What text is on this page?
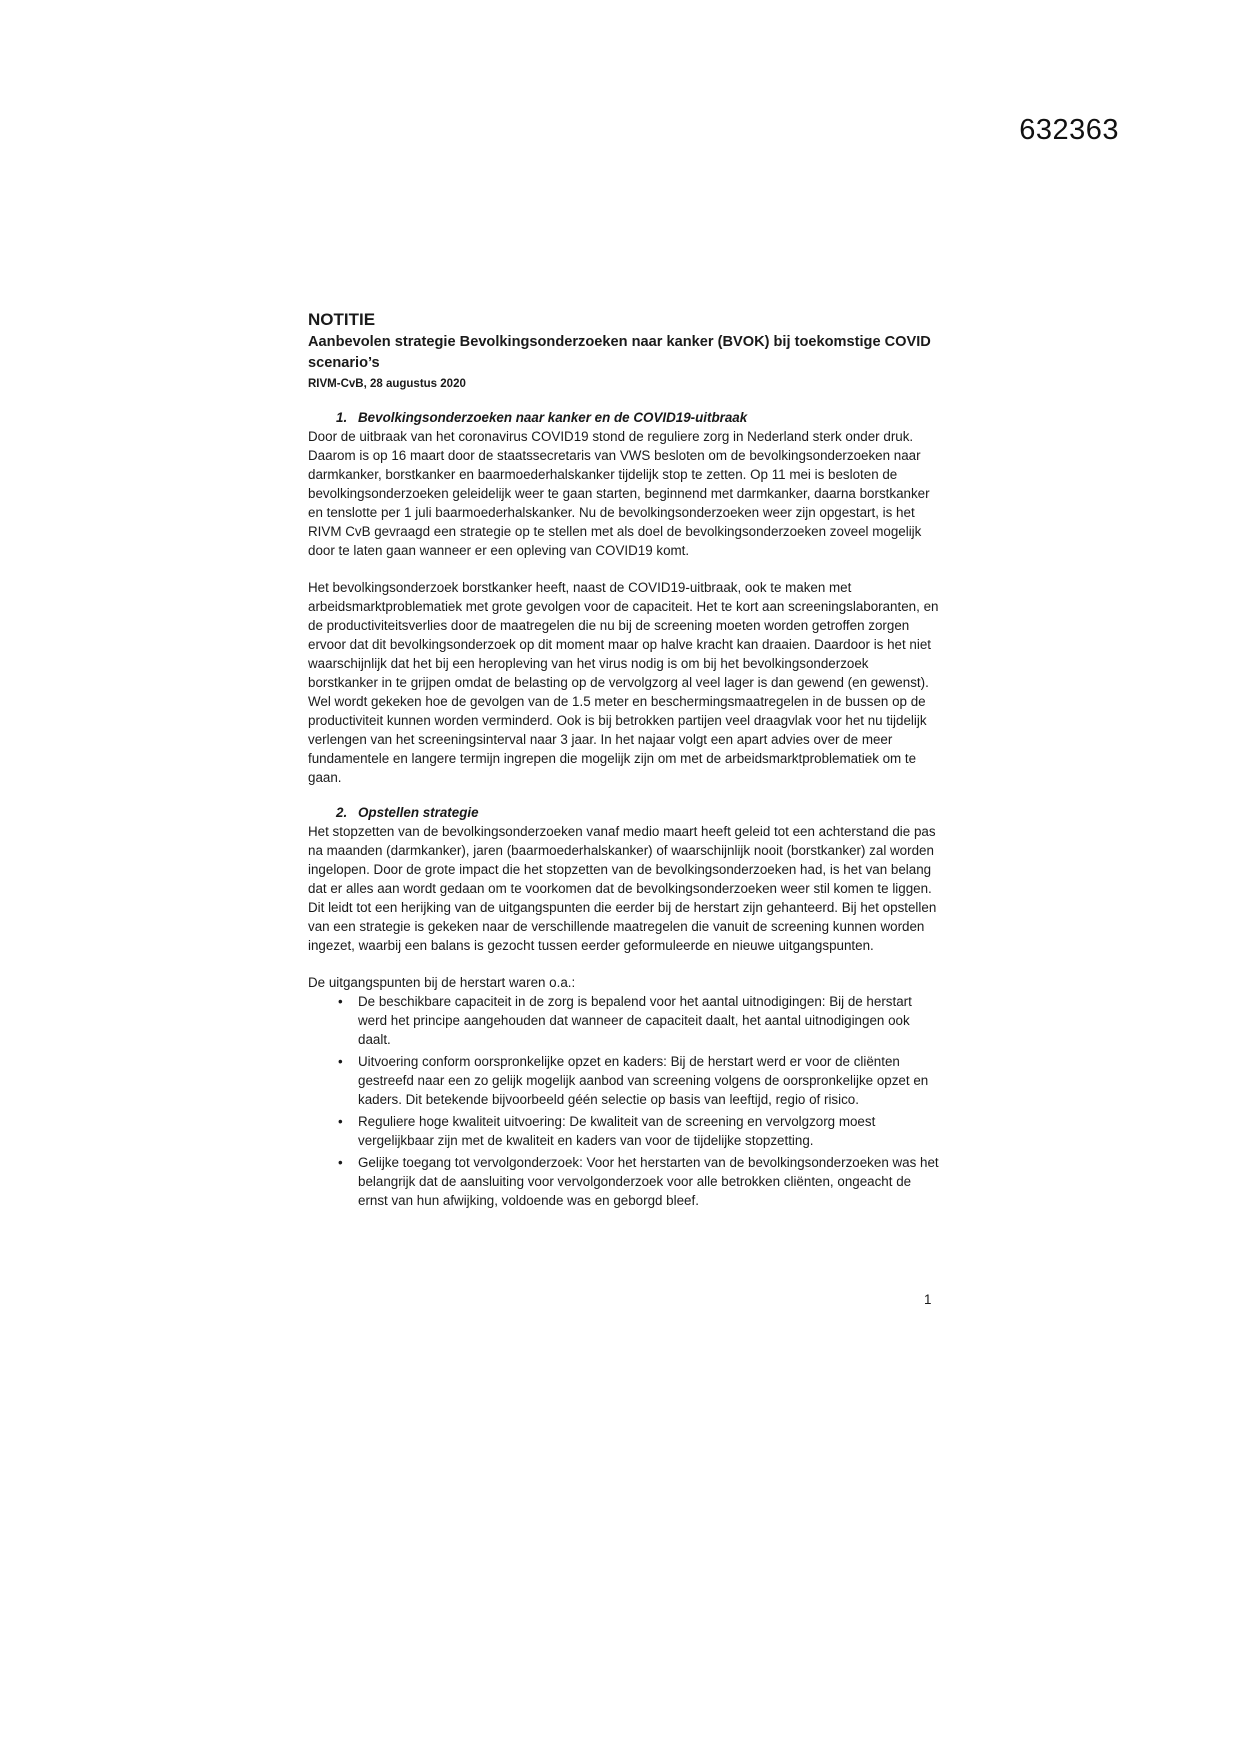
632363
NOTITIE
Aanbevolen strategie Bevolkingsonderzoeken naar kanker (BVOK) bij toekomstige COVID scenario’s
RIVM-CvB, 28 augustus 2020
1. Bevolkingsonderzoeken naar kanker en de COVID19-uitbraak

Door de uitbraak van het coronavirus COVID19 stond de reguliere zorg in Nederland sterk onder druk. Daarom is op 16 maart door de staatssecretaris van VWS besloten om de bevolkingsonderzoeken naar darmkanker, borstkanker en baarmoederhalskanker tijdelijk stop te zetten. Op 11 mei is besloten de bevolkingsonderzoeken geleidelijk weer te gaan starten, beginnend met darmkanker, daarna borstkanker en tenslotte per 1 juli baarmoederhalskanker. Nu de bevolkingsonderzoeken weer zijn opgestart, is het RIVM CvB gevraagd een strategie op te stellen met als doel de bevolkingsonderzoeken zoveel mogelijk door te laten gaan wanneer er een opleving van COVID19 komt.

Het bevolkingsonderzoek borstkanker heeft, naast de COVID19-uitbraak, ook te maken met arbeidsmarktproblematiek met grote gevolgen voor de capaciteit. Het te kort aan screeningslaboranten, en de productiviteitsverlies door de maatregelen die nu bij de screening moeten worden getroffen zorgen ervoor dat dit bevolkingsonderzoek op dit moment maar op halve kracht kan draaien. Daardoor is het niet waarschijnlijk dat het bij een heropleving van het virus nodig is om bij het bevolkingsonderzoek borstkanker in te grijpen omdat de belasting op de vervolgzorg al veel lager is dan gewend (en gewenst). Wel wordt gekeken hoe de gevolgen van de 1.5 meter en beschermingsmaatregelen in de bussen op de productiviteit kunnen worden verminderd. Ook is bij betrokken partijen veel draagvlak voor het nu tijdelijk verlengen van het screeningsinterval naar 3 jaar. In het najaar volgt een apart advies over de meer fundamentele en langere termijn ingrepen die mogelijk zijn om met de arbeidsmarktproblematiek om te gaan.

2. Opstellen strategie

Het stopzetten van de bevolkingsonderzoeken vanaf medio maart heeft geleid tot een achterstand die pas na maanden (darmkanker), jaren (baarmoederhalskanker) of waarschijnlijk nooit (borstkanker) zal worden ingelopen. Door de grote impact die het stopzetten van de bevolkingsonderzoeken had, is het van belang dat er alles aan wordt gedaan om te voorkomen dat de bevolkingsonderzoeken weer stil komen te liggen. Dit leidt tot een herijking van de uitgangspunten die eerder bij de herstart zijn gehanteerd. Bij het opstellen van een strategie is gekeken naar de verschillende maatregelen die vanuit de screening kunnen worden ingezet, waarbij een balans is gezocht tussen eerder geformuleerde en nieuwe uitgangspunten.

De uitgangspunten bij de herstart waren o.a.:

• De beschikbare capaciteit in de zorg is bepalend voor het aantal uitnodigingen: Bij de herstart werd het principe aangehouden dat wanneer de capaciteit daalt, het aantal uitnodigingen ook daalt.
• Uitvoering conform oorspronkelijke opzet en kaders: Bij de herstart werd er voor de cliënten gestreefd naar een zo gelijk mogelijk aanbod van screening volgens de oorspronkelijke opzet en kaders. Dit betekende bijvoorbeeld géén selectie op basis van leeftijd, regio of risico.
• Reguliere hoge kwaliteit uitvoering: De kwaliteit van de screening en vervolgzorg moest vergelijkbaar zijn met de kwaliteit en kaders van voor de tijdelijke stopzetting.
• Gelijke toegang tot vervolgonderzoek: Voor het herstarten van de bevolkingsonderzoeken was het belangrijk dat de aansluiting voor vervolgonderzoek voor alle betrokken cliënten, ongeacht de ernst van hun afwijking, voldoende was en geborgd bleef.
1
